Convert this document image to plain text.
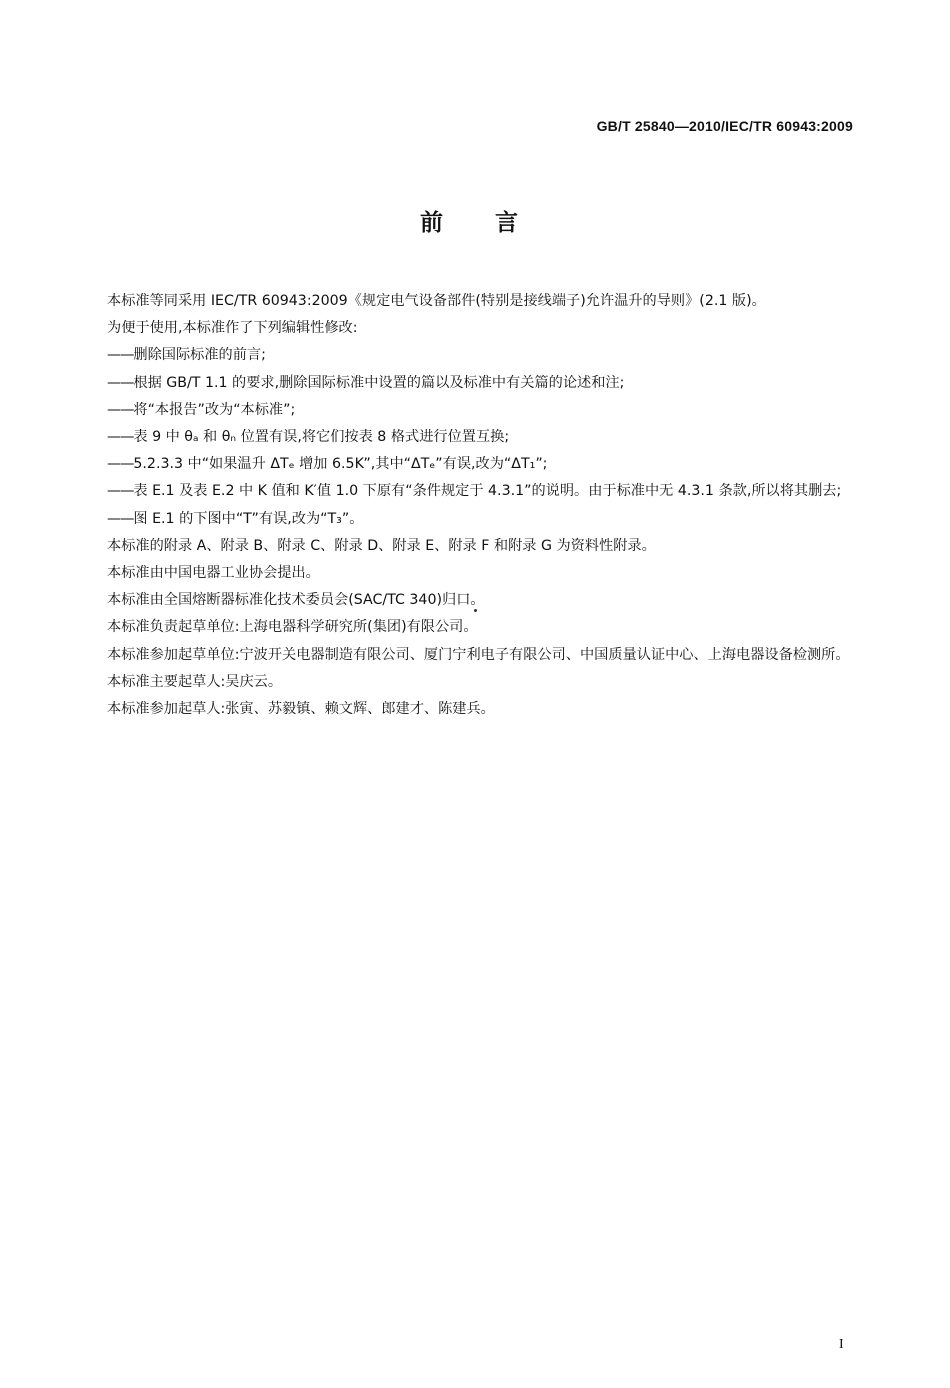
GB/T 25840—2010/IEC/TR 60943:2009
前言

本标准等同采用 IEC/TR 60943:2009《规定电气设备部件(特别是接线端子)允许温升的导则》(2.1 版)。

为便于使用,本标准作了下列编辑性修改:

——删除国际标准的前言;

——根据 GB/T 1.1 的要求,删除国际标准中设置的篇以及标准中有关篇的论述和注;

——将“本报告”改为“本标准”;

——表 9 中 θₐ 和 θₙ 位置有误,将它们按表 8 格式进行位置互换;

——5.2.3.3 中“如果温升 ΔTₑ 增加 6.5K”,其中“ΔTₑ”有误,改为“ΔT₁”;

——表 E.1 及表 E.2 中 K 值和 K′值 1.0 下原有“条件规定于 4.3.1”的说明。由于标准中无 4.3.1 条款,所以将其删去;

——图 E.1 的下图中“T”有误,改为“T₃”。

本标准的附录 A、附录 B、附录 C、附录 D、附录 E、附录 F 和附录 G 为资料性附录。

本标准由中国电器工业协会提出。

本标准由全国熔断器标准化技术委员会(SAC/TC 340)归口。

本标准负责起草单位:上海电器科学研究所(集团)有限公司。

本标准参加起草单位:宁波开关电器制造有限公司、厦门宁利电子有限公司、中国质量认证中心、上海电器设备检测所。

本标准主要起草人:吴庆云。

本标准参加起草人:张寅、苏毅镇、赖文辉、郎建才、陈建兵。

I
